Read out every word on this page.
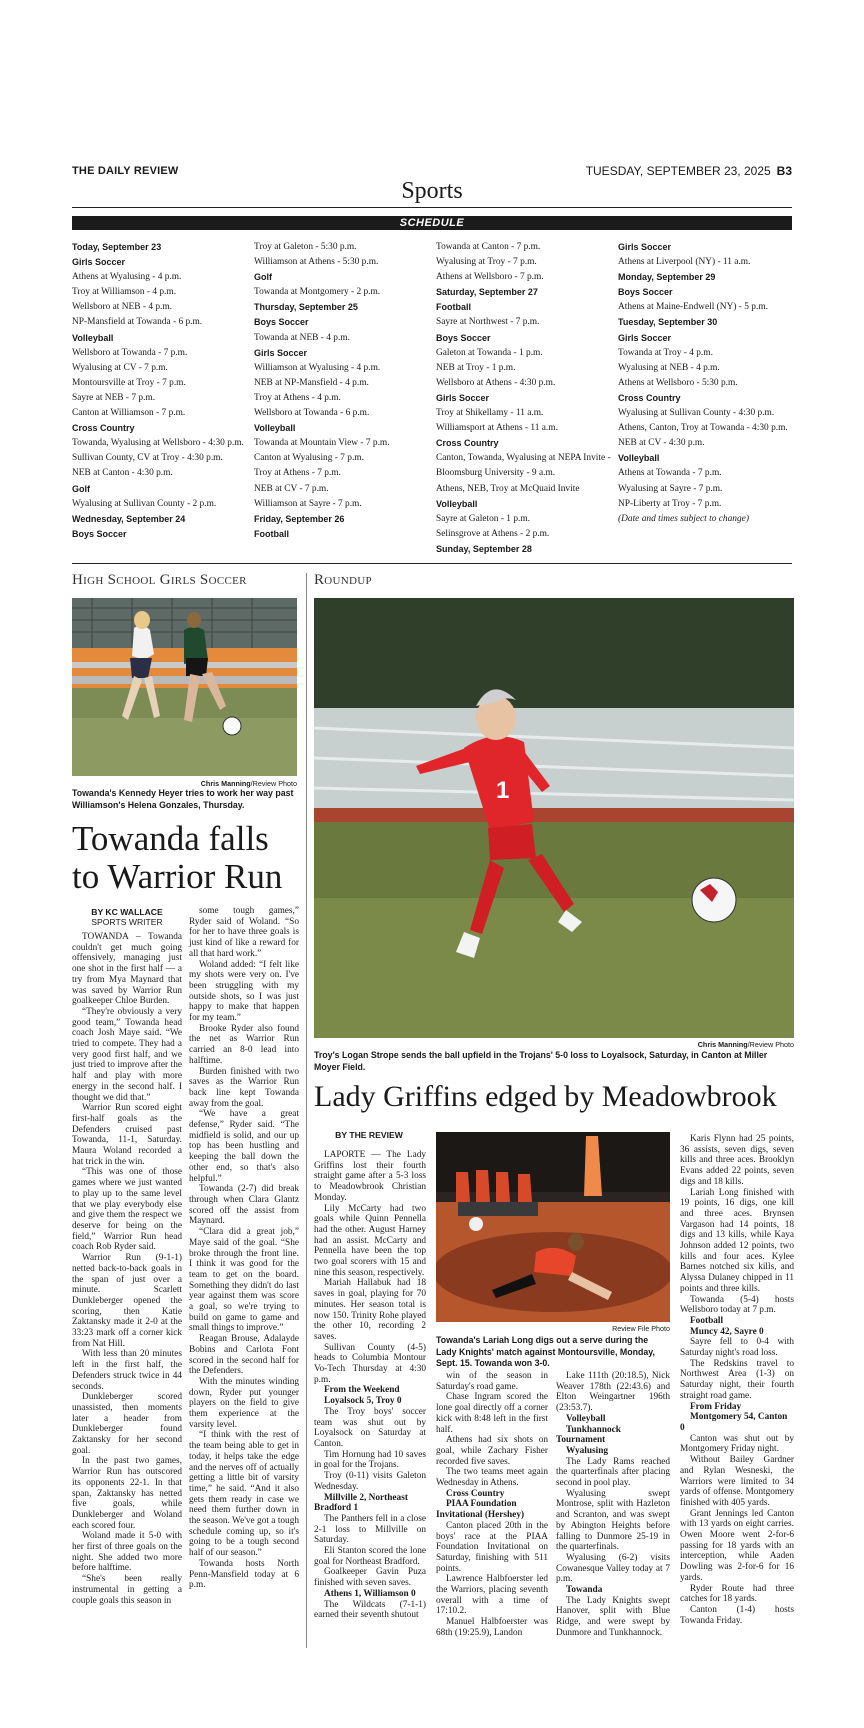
THE DAILY REVIEW	TUESDAY, SEPTEMBER 23, 2025 B3
Sports
SCHEDULE
Today, September 23
Girls Soccer
Athens at Wyalusing - 4 p.m.
Troy at Williamson - 4 p.m.
Wellsboro at NEB - 4 p.m.
NP-Mansfield at Towanda - 6 p.m.
Volleyball
Wellsboro at Towanda - 7 p.m.
Wyalusing at CV - 7 p.m.
Montoursville at Troy - 7 p.m.
Sayre at NEB - 7 p.m.
Canton at Williamson - 7 p.m.
Cross Country
Towanda, Wyalusing at Wellsboro - 4:30 p.m.
Sullivan County, CV at Troy - 4:30 p.m.
NEB at Canton - 4:30 p.m.
Golf
Wyalusing at Sullivan County - 2 p.m.
Wednesday, September 24
Boys Soccer
Troy at Galeton - 5:30 p.m.
Williamson at Athens - 5:30 p.m.
Golf
Towanda at Montgomery - 2 p.m.
Thursday, September 25
Boys Soccer
Towanda at NEB - 4 p.m.
Girls Soccer
Williamson at Wyalusing - 4 p.m.
NEB at NP-Mansfield - 4 p.m.
Troy at Athens - 4 p.m.
Wellsboro at Towanda - 6 p.m.
Volleyball
Towanda at Mountain View - 7 p.m.
Canton at Wyalusing - 7 p.m.
Troy at Athens - 7 p.m.
NEB at CV - 7 p.m.
Williamson at Sayre - 7 p.m.
Friday, September 26
Football
Towanda at Canton - 7 p.m.
Wyalusing at Troy - 7 p.m.
Athens at Wellsboro - 7 p.m.
Saturday, September 27
Football
Sayre at Northwest - 7 p.m.
Boys Soccer
Galeton at Towanda - 1 p.m.
NEB at Troy - 1 p.m.
Wellsboro at Athens - 4:30 p.m.
Girls Soccer
Troy at Shikellamy - 11 a.m.
Williamsport at Athens - 11 a.m.
Cross Country
Canton, Towanda, Wyalusing at NEPA Invite - Bloomsburg University - 9 a.m.
Athens, NEB, Troy at McQuaid Invite
Volleyball
Sayre at Galeton - 1 p.m.
Selinsgrove at Athens - 2 p.m.
Sunday, September 28
Girls Soccer
Athens at Liverpool (NY) - 11 a.m.
Monday, September 29
Boys Soccer
Athens at Maine-Endwell (NY) - 5 p.m.
Tuesday, September 30
Girls Soccer
Towanda at Troy - 4 p.m.
Wyalusing at NEB - 4 p.m.
Athens at Wellsboro - 5:30 p.m.
Cross Country
Wyalusing at Sullivan County - 4:30 p.m.
Athens, Canton, Troy at Towanda - 4:30 p.m.
NEB at CV - 4:30 p.m.
Volleyball
Athens at Towanda - 7 p.m.
Wyalusing at Sayre - 7 p.m.
NP-Liberty at Troy - 7 p.m.
(Date and times subject to change)
High School Girls Soccer
Chris Manning/Review Photo
Towanda's Kennedy Heyer tries to work her way past Williamson's Helena Gonzales, Thursday.
Towanda falls to Warrior Run
BY KC WALLACE
SPORTS WRITER

TOWANDA – Towanda couldn't get much going offensively, managing just one shot in the first half — a try from Mya Maynard that was saved by Warrior Run goalkeeper Chloe Burden.

“They're obviously a very good team,” Towanda head coach Josh Maye said. “We tried to compete. They had a very good first half, and we just tried to improve after the half and play with more energy in the second half. I thought we did that.”

Warrior Run scored eight first-half goals as the Defenders cruised past Towanda, 11-1, Saturday. Maura Woland recorded a hat trick in the win.

“This was one of those games where we just wanted to play up to the same level that we play everybody else and give them the respect we deserve for being on the field,” Warrior Run head coach Rob Ryder said.

Warrior Run (9-1-1) netted back-to-back goals in the span of just over a minute. Scarlett Dunkleberger opened the scoring, then Katie Zaktansky made it 2-0 at the 33:23 mark off a corner kick from Nat Hill.

With less than 20 minutes left in the first half, the Defenders struck twice in 44 seconds.

Dunkleberger scored unassisted, then moments later a header from Dunkleberger found Zaktansky for her second goal.

In the past two games, Warrior Run has outscored its opponents 22-1. In that span, Zaktansky has netted five goals, while Dunkleberger and Woland each scored four.

Woland made it 5-0 with her first of three goals on the night. She added two more before halftime.

“She's been really instrumental in getting a couple goals this season in

some tough games,” Ryder said of Woland. “So for her to have three goals is just kind of like a reward for all that hard work.”

Woland added: “I felt like my shots were very on. I've been struggling with my outside shots, so I was just happy to make that happen for my team.”

Brooke Ryder also found the net as Warrior Run carried an 8-0 lead into halftime.

Burden finished with two saves as the Warrior Run back line kept Towanda away from the goal.

“We have a great defense,” Ryder said. “The midfield is solid, and our up top has been hustling and keeping the ball down the other end, so that's also helpful.”

Towanda (2-7) did break through when Clara Glantz scored off the assist from Maynard.

“Clara did a great job,” Maye said of the goal. “She broke through the front line. I think it was good for the team to get on the board. Something they didn't do last year against them was score a goal, so we're trying to build on game to game and small things to improve.”

Reagan Brouse, Adalayde Bobins and Carlota Font scored in the second half for the Defenders.

With the minutes winding down, Ryder put younger players on the field to give them experience at the varsity level.

“I think with the rest of the team being able to get in today, it helps take the edge and the nerves off of actually getting a little bit of varsity time,” he said. “And it also gets them ready in case we need them further down in the season. We've got a tough schedule coming up, so it's going to be a tough second half of our season.”

Towanda hosts North Penn-Mansfield today at 6 p.m.

Roundup
1
Chris Manning/Review Photo
Troy's Logan Strope sends the ball upfield in the Trojans' 5-0 loss to Loyalsock, Saturday, in Canton at Miller Moyer Field.
Lady Griffins edged by Meadowbrook
BY THE REVIEW

LAPORTE — The Lady Griffins lost their fourth straight game after a 5-3 loss to Meadowbrook Christian Monday.

Lily McCarty had two goals while Quinn Pennella had the other. August Harney had an assist. McCarty and Pennella have been the top two goal scorers with 15 and nine this season, respectively.

Mariah Hallabuk had 18 saves in goal, playing for 70 minutes. Her season total is now 150. Trinity Rohe played the other 10, recording 2 saves.

Sullivan County (4-5) heads to Columbia Montour Vo-Tech Thursday at 4:30 p.m.

From the Weekend

Loyalsock 5, Troy 0

The Troy boys' soccer team was shut out by Loyalsock on Saturday at Canton.

Tim Hornung had 10 saves in goal for the Trojans.

Troy (0-11) visits Galeton Wednesday.

Millville 2, Northeast Bradford 1

The Panthers fell in a close 2-1 loss to Millville on Saturday.

Eli Stanton scored the lone goal for Northeast Bradford.

Goalkeeper Gavin Puza finished with seven saves.

Athens 1, Williamson 0

The Wildcats (7-1-1) earned their seventh shutout

Review File Photo
Towanda's Lariah Long digs out a serve during the Lady Knights' match against Montoursville, Monday, Sept. 15. Towanda won 3-0.

win of the season in Saturday's road game.

Chase Ingram scored the lone goal directly off a corner kick with 8:48 left in the first half.

Athens had six shots on goal, while Zachary Fisher recorded five saves.

The two teams meet again Wednesday in Athens.

Cross Country

PIAA Foundation Invitational (Hershey)

Canton placed 20th in the boys' race at the PIAA Foundation Invitational on Saturday, finishing with 511 points.

Lawrence Halbfoerster led the Warriors, placing seventh overall with a time of 17:10.2.

Manuel Halbfoerster was 68th (19:25.9), Landon

Lake 111th (20:18.5), Nick Weaver 178th (22:43.6) and Elton Weingartner 196th (23:53.7).

Volleyball

Tunkhannock Tournament

Wyalusing

The Lady Rams reached the quarterfinals after placing second in pool play.

Wyalusing swept Montrose, split with Hazleton and Scranton, and was swept by Abington Heights before falling to Dunmore 25-19 in the quarterfinals.

Wyalusing (6-2) visits Cowanesque Valley today at 7 p.m.

Towanda

The Lady Knights swept Hanover, split with Blue Ridge, and were swept by Dunmore and Tunkhannock.

Karis Flynn had 25 points, 36 assists, seven digs, seven kills and three aces. Brooklyn Evans added 22 points, seven digs and 18 kills.

Lariah Long finished with 19 points, 16 digs, one kill and three aces. Brynsen Vargason had 14 points, 18 digs and 13 kills, while Kaya Johnson added 12 points, two kills and four aces. Kylee Barnes notched six kills, and Alyssa Dulaney chipped in 11 points and three kills.

Towanda (5-4) hosts Wellsboro today at 7 p.m.

Football

Muncy 42, Sayre 0

Sayre fell to 0-4 with Saturday night's road loss.

The Redskins travel to Northwest Area (1-3) on Saturday night, their fourth straight road game.

From Friday

Montgomery 54, Canton 0

Canton was shut out by Montgomery Friday night.

Without Bailey Gardner and Rylan Wesneski, the Warriors were limited to 34 yards of offense. Montgomery finished with 405 yards.

Grant Jennings led Canton with 13 yards on eight carries. Owen Moore went 2-for-6 passing for 18 yards with an interception, while Aaden Dowling was 2-for-6 for 16 yards.

Ryder Route had three catches for 18 yards.

Canton (1-4) hosts Towanda Friday.
